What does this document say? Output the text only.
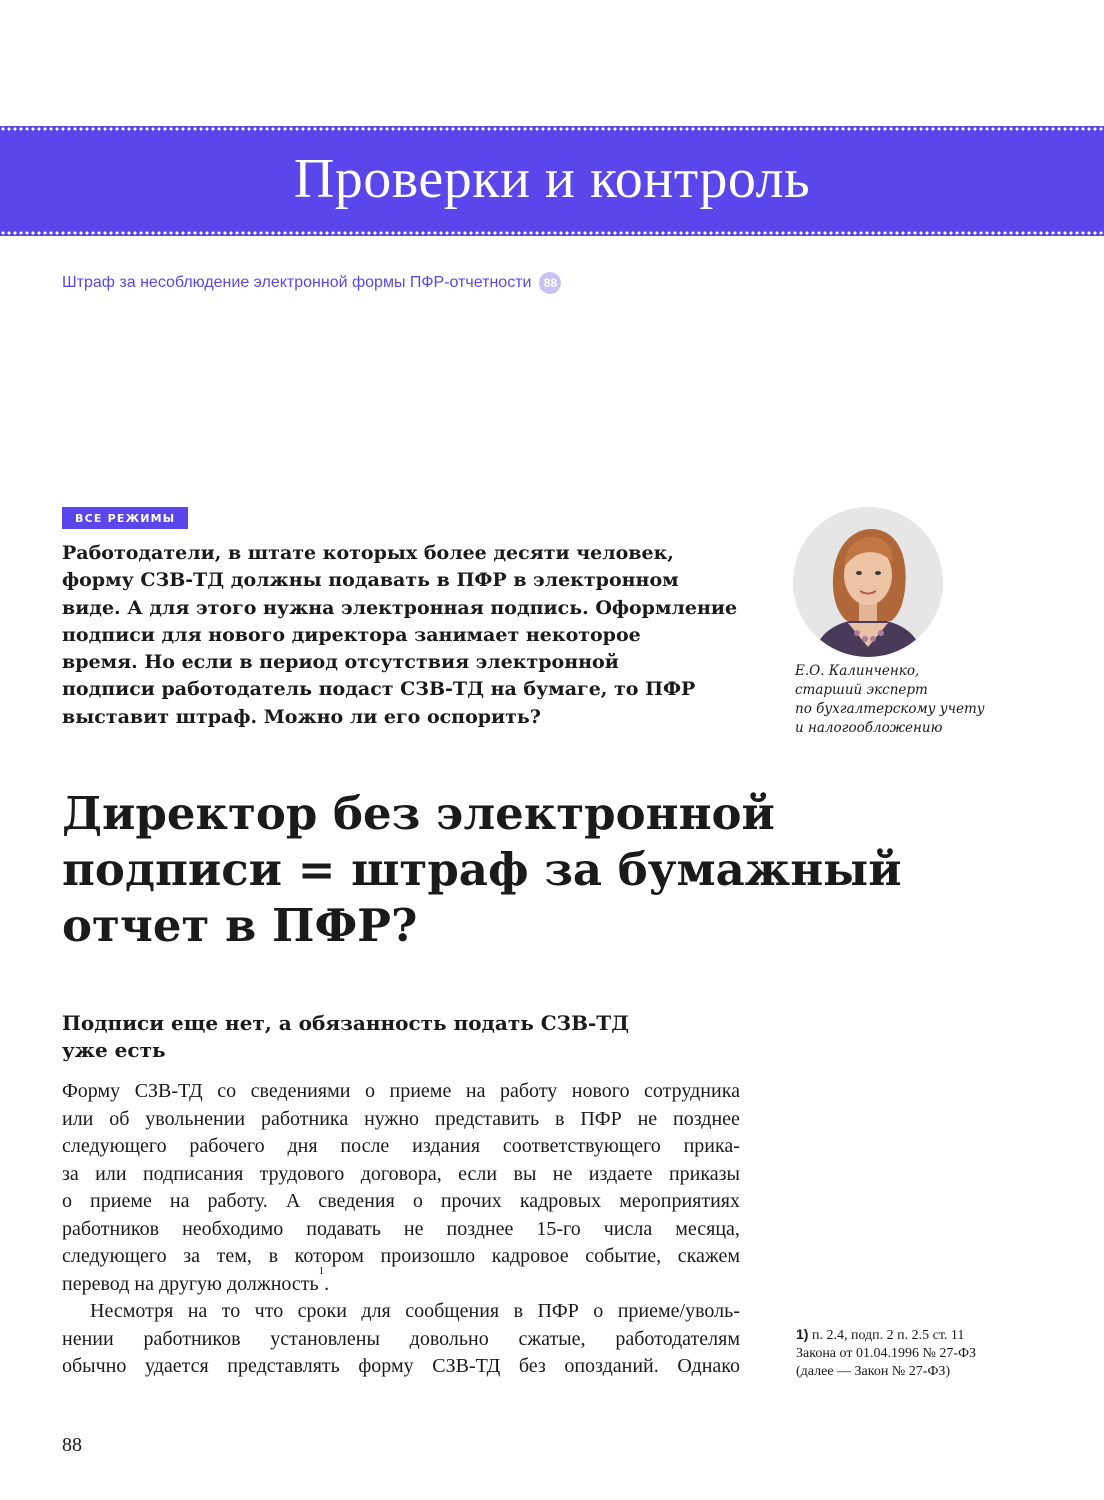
Проверки и контроль
Штраф за несоблюдение электронной формы ПФР-отчетности	88
ВСЕ РЕЖИМЫ

Работодатели, в штате которых более десяти человек,
форму СЗВ-ТД должны подавать в ПФР в электронном
виде. А для этого нужна электронная подпись. Оформление
подписи для нового директора занимает некоторое
время. Но если в период отсутствия электронной
подписи работодатель подаст СЗВ-ТД на бумаге, то ПФР
выставит штраф. Можно ли его оспорить?

Е.О. Калинченко,
старший эксперт
по бухгалтерскому учету
и налогообложению
Директор без электронной
подписи = штраф за бумажный
отчет в ПФР?
Подписи еще нет, а обязанность подать СЗВ-ТД
уже есть
Форму СЗВ-ТД со сведениями о приеме на работу нового сотрудника
или об увольнении работника нужно представить в ПФР не позднее
следующего рабочего дня после издания соответствующего прика-
за или подписания трудового договора, если вы не издаете приказы
о приеме на работу. А сведения о прочих кадровых мероприятиях
работников необходимо подавать не позднее 15-го числа месяца,
следующего за тем, в котором произошло кадровое событие, скажем
перевод на другую должность
1
.
Несмотря на то что сроки для сообщения в ПФР о приеме/уволь-
нении работников установлены довольно сжатые, работодателям
обычно удается представлять форму СЗВ-ТД без опозданий. Однако
1) п. 2.4, подп. 2 п. 2.5 ст. 11
Закона от 01.04.1996 № 27-ФЗ
(далее — Закон № 27-ФЗ)
88
